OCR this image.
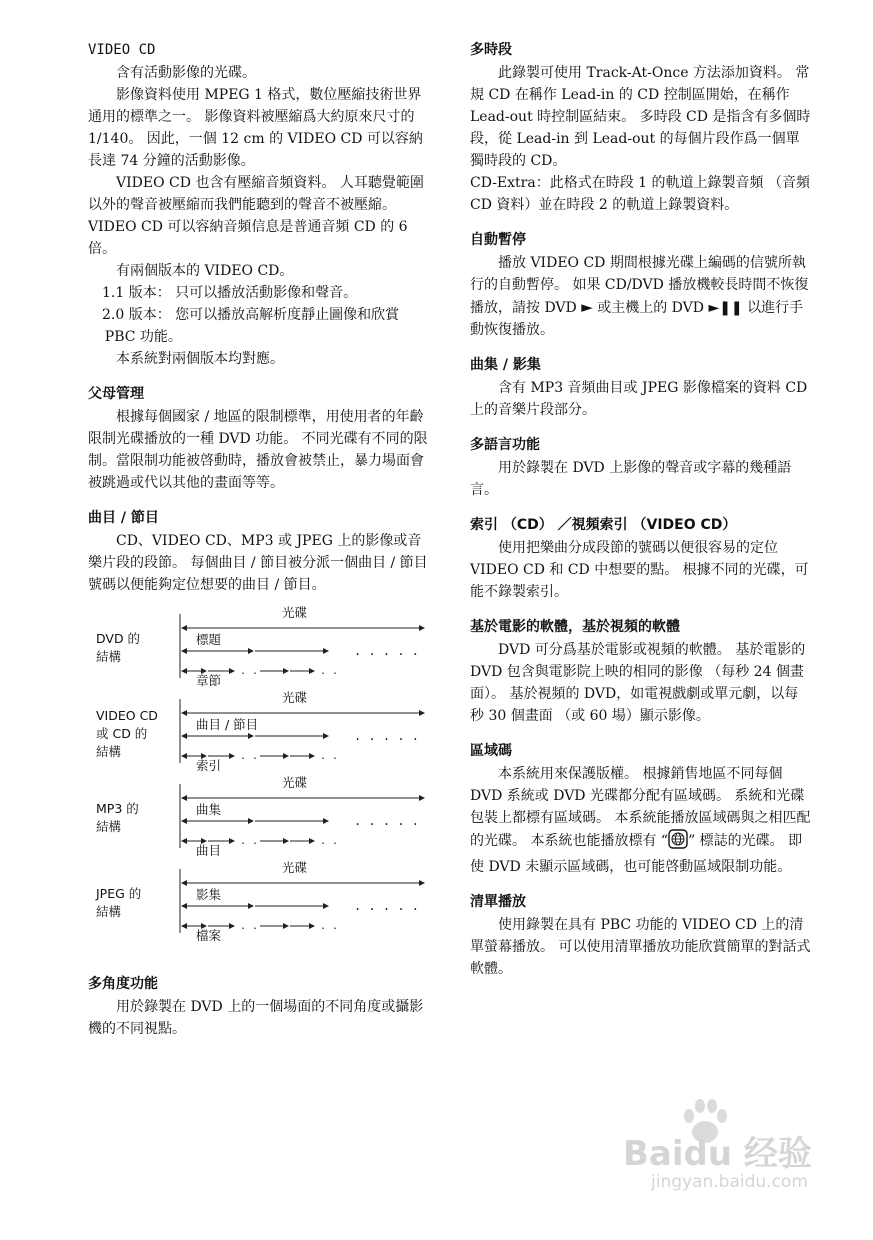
VIDEO CD

含有活動影像的光碟。

影像資料使用 MPEG 1 格式，數位壓縮技術世界通用的標準之一。 影像資料被壓縮爲大約原來尺寸的 1/140。 因此，一個 12 cm 的 VIDEO CD 可以容納長達 74 分鐘的活動影像。

VIDEO CD 也含有壓縮音頻資料。 人耳聽覺範圍以外的聲音被壓縮而我們能聽到的聲音不被壓縮。 VIDEO CD 可以容納音頻信息是普通音頻 CD 的 6 倍。

有兩個版本的 VIDEO CD。

1.1 版本： 只可以播放活動影像和聲音。

2.0 版本： 您可以播放高解析度靜止圖像和欣賞 PBC 功能。

本系統對兩個版本均對應。

父母管理

根據每個國家 / 地區的限制標準，用使用者的年齡限制光碟播放的一種 DVD 功能。 不同光碟有不同的限制。當限制功能被啓動時，播放會被禁止，暴力場面會被跳過或代以其他的畫面等等。

曲目 / 節目

CD、VIDEO CD、MP3 或 JPEG 上的影像或音樂片段的段節。 每個曲目 / 節目被分派一個曲目 / 節目號碼以便能夠定位想要的曲目 / 節目。

. . . . .
. .	. .
. . . . .
. .	. .
. . . . .
. .	. .
. . . . .
. .	. .
DVD 的
結構
光碟
標題
章節
VIDEO CD
或 CD 的
結構
光碟
曲目 / 節目
索引
MP3 的
結構
光碟
曲集
曲目
JPEG 的
結構
光碟
影集
檔案
多角度功能

用於錄製在 DVD 上的一個場面的不同角度或攝影機的不同視點。

多時段

此錄製可使用 Track-At-Once 方法添加資料。 常規 CD 在稱作 Lead-in 的 CD 控制區開始，在稱作 Lead-out 時控制區結束。 多時段 CD 是指含有多個時段，從 Lead-in 到 Lead-out 的每個片段作爲一個單獨時段的 CD。

CD-Extra：此格式在時段 1 的軌道上錄製音頻 （音頻 CD 資料）並在時段 2 的軌道上錄製資料。

自動暫停

播放 VIDEO CD 期間根據光碟上編碼的信號所執行的自動暫停。 如果 CD/DVD 播放機較長時間不恢復播放，請按 DVD ► 或主機上的 DVD ►❚❚ 以進行手動恢復播放。

曲集 / 影集

含有 MP3 音頻曲目或 JPEG 影像檔案的資料 CD 上的音樂片段部分。

多語言功能

用於錄製在 DVD 上影像的聲音或字幕的幾種語言。

索引 （CD） ／視頻索引 （VIDEO CD）

使用把樂曲分成段節的號碼以便很容易的定位 VIDEO CD 和 CD 中想要的點。 根據不同的光碟，可能不錄製索引。

基於電影的軟體，基於視頻的軟體

DVD 可分爲基於電影或視頻的軟體。 基於電影的 DVD 包含與電影院上映的相同的影像 （每秒 24 個畫面）。 基於視頻的 DVD，如電視戲劇或單元劇，以每秒 30 個畫面 （或 60 場）顯示影像。

區域碼

本系統用來保護版權。 根據銷售地區不同每個 DVD 系統或 DVD 光碟都分配有區域碼。 系統和光碟包裝上都標有區域碼。 本系統能播放區域碼與之相匹配的光碟。 本系統也能播放標有 “ ” 標誌的光碟。 即使 DVD 未顯示區域碼，也可能啓動區域限制功能。

清單播放

使用錄製在具有 PBC 功能的 VIDEO CD 上的清單螢幕播放。 可以使用清單播放功能欣賞簡單的對話式軟體。

Baidu 经验
jingyan.baidu.com
